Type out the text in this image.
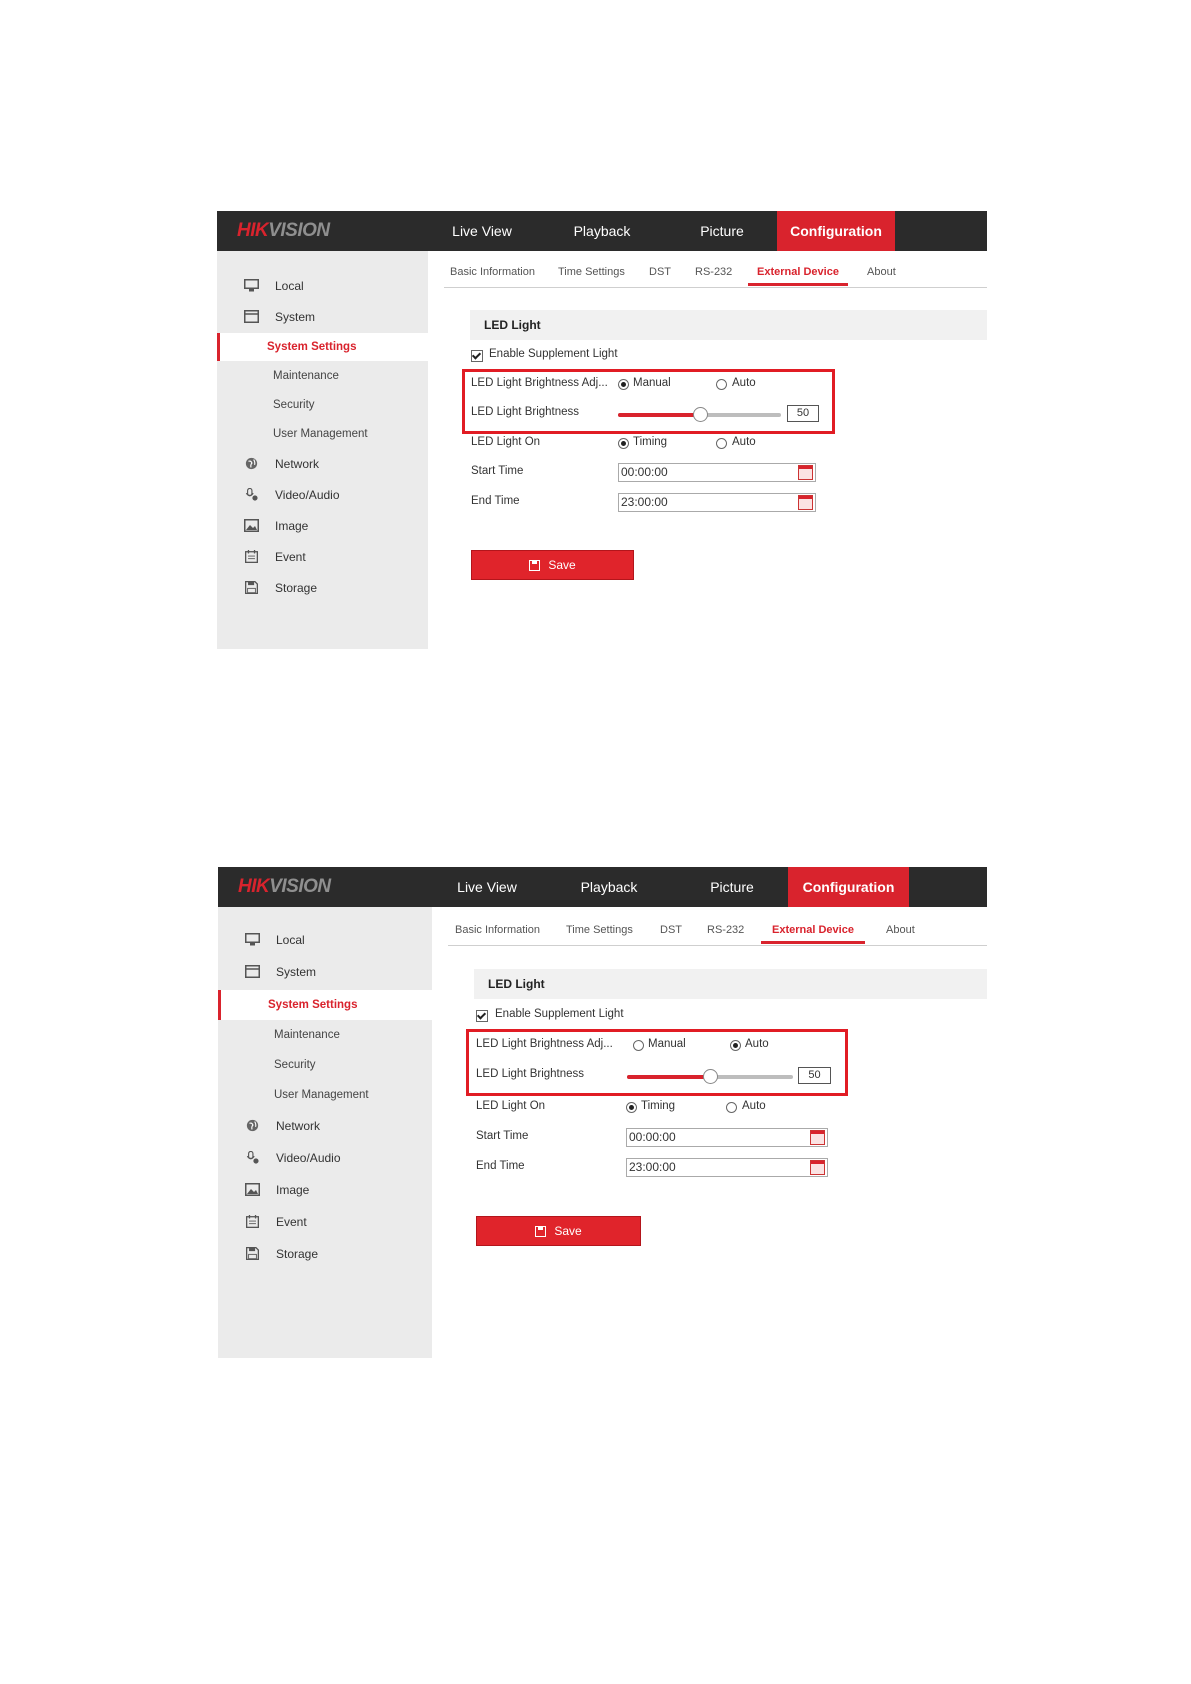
HIKVISION	Live View	Playback	Picture	Configuration
Local
System
System Settings
Maintenance
Security
User Management
Network
Video/Audio
Image
Event
Storage
Basic Information Time Settings DST RS-232	External Device	About
LED Light
Enable Supplement Light
LED Light Brightness Adj... Manual	Auto
LED Light Brightness	50
LED Light On	Timing	Auto
Start Time	00:00:00
End Time	23:00:00
Save
HIKVISION	Live View	Playback	Picture	Configuration
Local
System
System Settings
Maintenance
Security
User Management
Network
Video/Audio
Image
Event
Storage
Basic Information Time Settings DST RS-232	External Device	About
LED Light
Enable Supplement Light
LED Light Brightness Adj...	Manual	Auto
LED Light Brightness	50
LED Light On	Timing	Auto
Start Time	00:00:00
End Time	23:00:00
Save
